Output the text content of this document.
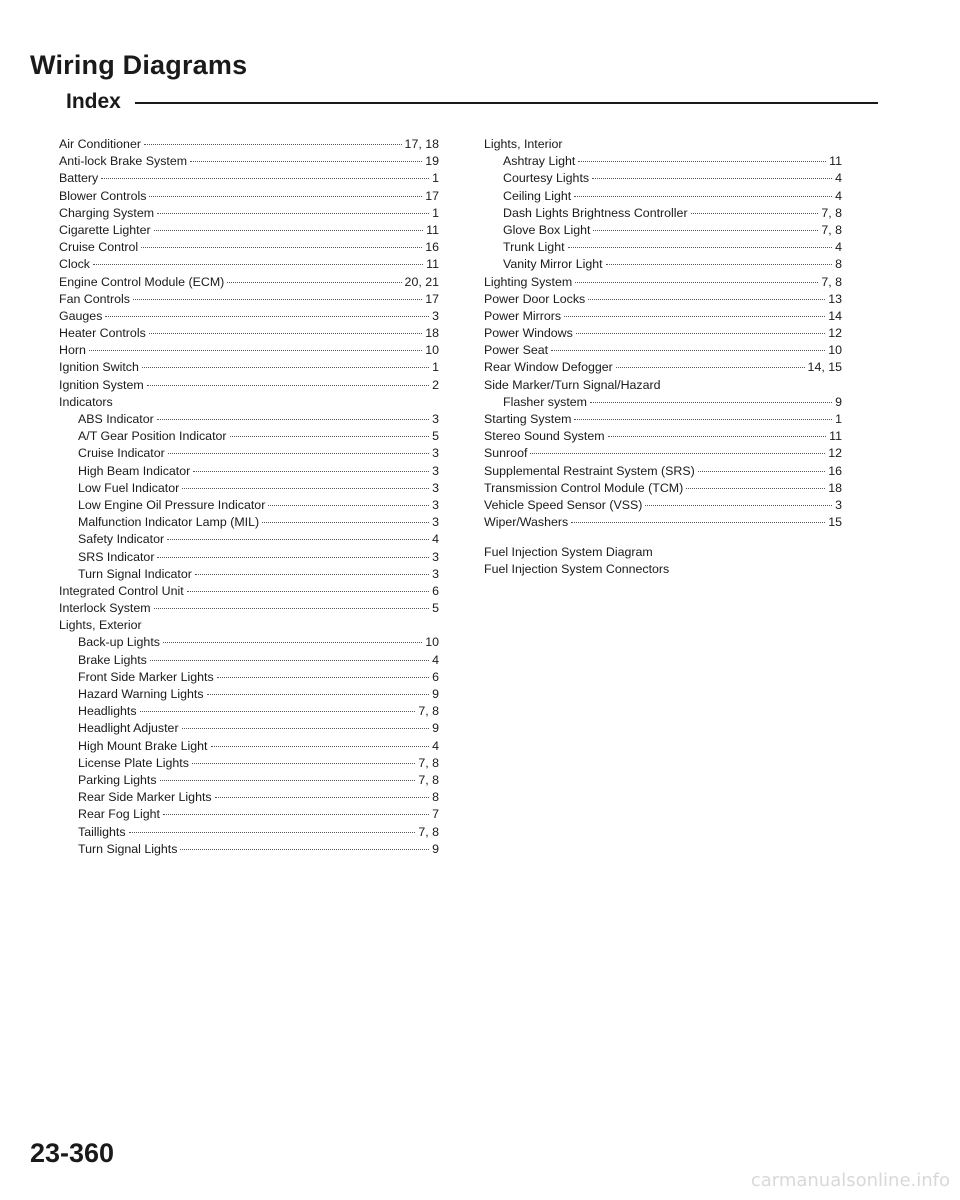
Wiring Diagrams
Index
Air Conditioner	17, 18
Anti-lock Brake System	19
Battery	1
Blower Controls	17
Charging System	1
Cigarette Lighter	11
Cruise Control	16
Clock	11
Engine Control Module (ECM)	20, 21
Fan Controls	17
Gauges	3
Heater Controls	18
Horn	10
Ignition Switch	1
Ignition System	2
Indicators
ABS Indicator	3
A/T Gear Position Indicator	5
Cruise Indicator	3
High Beam Indicator	3
Low Fuel Indicator	3
Low Engine Oil Pressure Indicator	3
Malfunction Indicator Lamp (MIL)	3
Safety Indicator	4
SRS Indicator	3
Turn Signal Indicator	3
Integrated Control Unit	6
Interlock System	5
Lights, Exterior
Back-up Lights	10
Brake Lights	4
Front Side Marker Lights	6
Hazard Warning Lights	9
Headlights	7, 8
Headlight Adjuster	9
High Mount Brake Light	4
License Plate Lights	7, 8
Parking Lights	7, 8
Rear Side Marker Lights	8
Rear Fog Light	7
Taillights	7, 8
Turn Signal Lights	9
Lights, Interior
Ashtray Light	11
Courtesy Lights	4
Ceiling Light	4
Dash Lights Brightness Controller	7, 8
Glove Box Light	7, 8
Trunk Light	4
Vanity Mirror Light	8
Lighting System	7, 8
Power Door Locks	13
Power Mirrors	14
Power Windows	12
Power Seat	10
Rear Window Defogger	14, 15
Side Marker/Turn Signal/Hazard
Flasher system	9
Starting System	1
Stereo Sound System	11
Sunroof	12
Supplemental Restraint System (SRS)	16
Transmission Control Module (TCM)	18
Vehicle Speed Sensor (VSS)	3
Wiper/Washers	15
Fuel Injection System Diagram
Fuel Injection System Connectors
23-360
carmanualsonline.info
